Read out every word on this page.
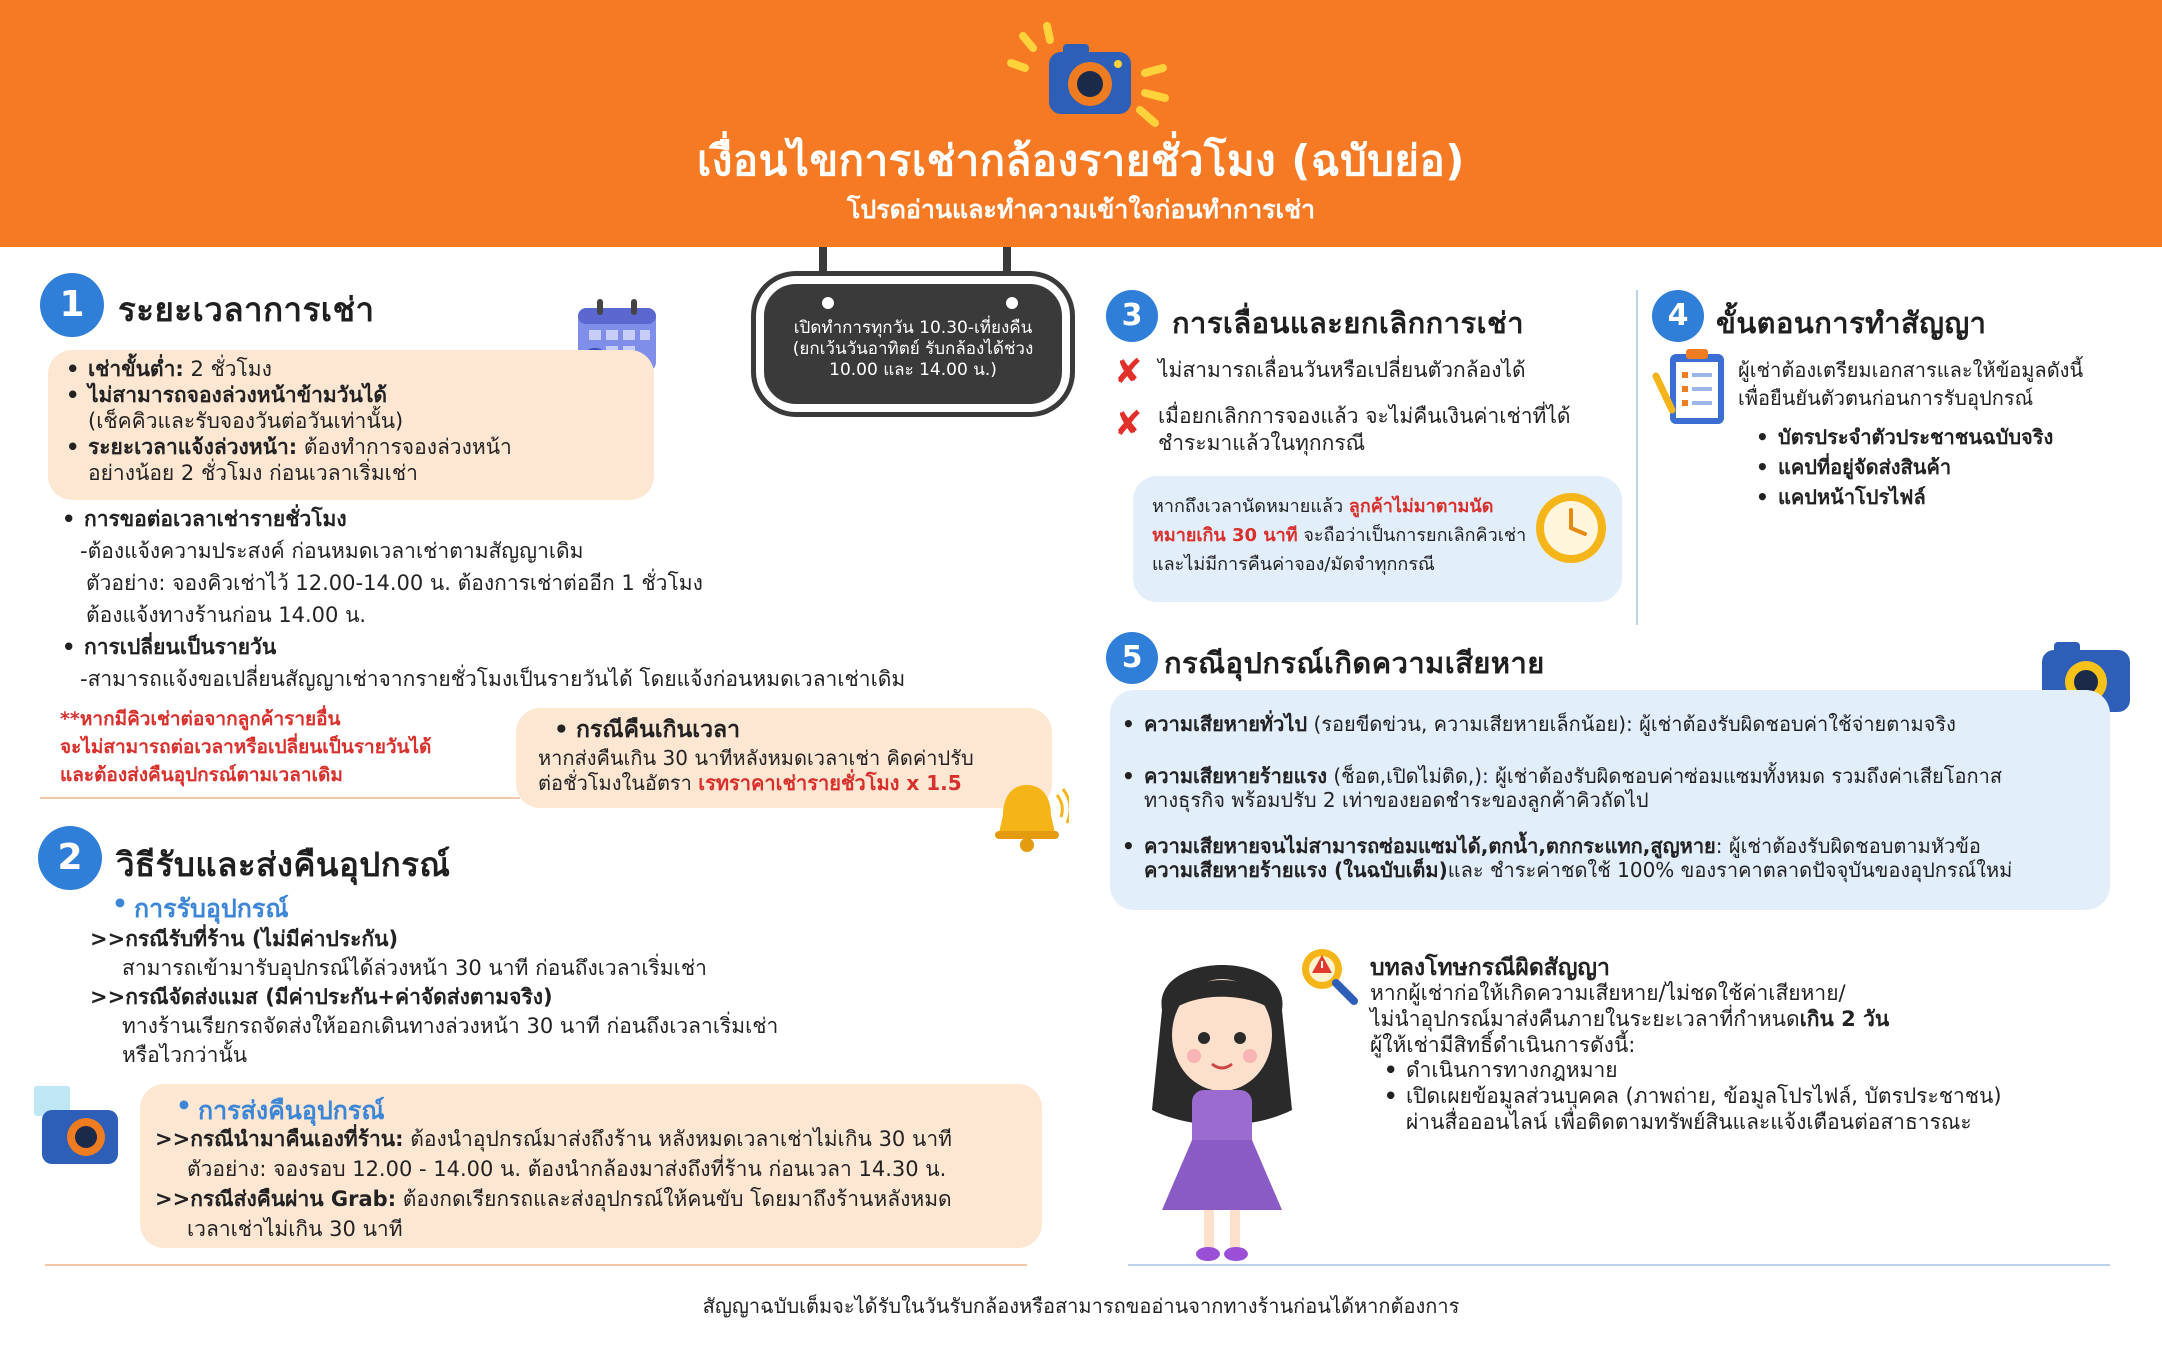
เงื่อนไขการเช่ากล้องรายชั่วโมง (ฉบับย่อ)
โปรดอ่านและทำความเข้าใจก่อนทำการเช่า
เปิดทำการทุกวัน 10.30-เที่ยงคืน
(ยกเว้นวันอาทิตย์ รับกล้องได้ช่วง
10.00 และ 14.00 น.)
1	ระยะเวลาการเช่า
• เช่าขั้นต่ำ: 2 ชั่วโมง
• ไม่สามารถจองล่วงหน้าข้ามวันได้
(เช็คคิวและรับจองวันต่อวันเท่านั้น)
• ระยะเวลาแจ้งล่วงหน้า: ต้องทำการจองล่วงหน้า
อย่างน้อย 2 ชั่วโมง ก่อนเวลาเริ่มเช่า
• การขอต่อเวลาเช่ารายชั่วโมง
-ต้องแจ้งความประสงค์ ก่อนหมดเวลาเช่าตามสัญญาเดิม
ตัวอย่าง: จองคิวเช่าไว้ 12.00-14.00 น. ต้องการเช่าต่ออีก 1 ชั่วโมง
ต้องแจ้งทางร้านก่อน 14.00 น.
• การเปลี่ยนเป็นรายวัน
-สามารถแจ้งขอเปลี่ยนสัญญาเช่าจากรายชั่วโมงเป็นรายวันได้ โดยแจ้งก่อนหมดเวลาเช่าเดิม
**หากมีคิวเช่าต่อจากลูกค้ารายอื่น
จะไม่สามารถต่อเวลาหรือเปลี่ยนเป็นรายวันได้
และต้องส่งคืนอุปกรณ์ตามเวลาเดิม
• กรณีคืนเกินเวลา
หากส่งคืนเกิน 30 นาทีหลังหมดเวลาเช่า คิดค่าปรับ
ต่อชั่วโมงในอัตรา เรทราคาเช่ารายชั่วโมง x 1.5
2	วิธีรับและส่งคืนอุปกรณ์
• การรับอุปกรณ์
>>กรณีรับที่ร้าน (ไม่มีค่าประกัน)
สามารถเข้ามารับอุปกรณ์ได้ล่วงหน้า 30 นาที ก่อนถึงเวลาเริ่มเช่า
>>กรณีจัดส่งแมส (มีค่าประกัน+ค่าจัดส่งตามจริง)
ทางร้านเรียกรถจัดส่งให้ออกเดินทางล่วงหน้า 30 นาที ก่อนถึงเวลาเริ่มเช่า
หรือไวกว่านั้น
• การส่งคืนอุปกรณ์
>>กรณีนำมาคืนเองที่ร้าน: ต้องนำอุปกรณ์มาส่งถึงร้าน หลังหมดเวลาเช่าไม่เกิน 30 นาที
ตัวอย่าง: จองรอบ 12.00 - 14.00 น. ต้องนำกล้องมาส่งถึงที่ร้าน ก่อนเวลา 14.30 น.
>>กรณีส่งคืนผ่าน Grab: ต้องกดเรียกรถและส่งอุปกรณ์ให้คนขับ โดยมาถึงร้านหลังหมด
เวลาเช่าไม่เกิน 30 นาที
3	การเลื่อนและยกเลิกการเช่า
✘ ไม่สามารถเลื่อนวันหรือเปลี่ยนตัวกล้องได้
✘ เมื่อยกเลิกการจองแล้ว จะไม่คืนเงินค่าเช่าที่ได้
ชำระมาแล้วในทุกกรณี
หากถึงเวลานัดหมายแล้ว ลูกค้าไม่มาตามนัด
หมายเกิน 30 นาที จะถือว่าเป็นการยกเลิกคิวเช่า
และไม่มีการคืนค่าจอง/มัดจำทุกกรณี
4 ขั้นตอนการทำสัญญา
ผู้เช่าต้องเตรียมเอกสารและให้ข้อมูลดังนี้
เพื่อยืนยันตัวตนก่อนการรับอุปกรณ์
• บัตรประจำตัวประชาชนฉบับจริง
• แคปที่อยู่จัดส่งสินค้า
• แคปหน้าโปรไฟล์
5 กรณีอุปกรณ์เกิดความเสียหาย
• ความเสียหายทั่วไป (รอยขีดข่วน, ความเสียหายเล็กน้อย): ผู้เช่าต้องรับผิดชอบค่าใช้จ่ายตามจริง
• ความเสียหายร้ายแรง (ช็อต,เปิดไม่ติด,): ผู้เช่าต้องรับผิดชอบค่าซ่อมแซมทั้งหมด รวมถึงค่าเสียโอกาส
ทางธุรกิจ พร้อมปรับ 2 เท่าของยอดชำระของลูกค้าคิวถัดไป
• ความเสียหายจนไม่สามารถซ่อมแซมได้,ตกน้ำ,ตกกระแทก,สูญหาย: ผู้เช่าต้องรับผิดชอบตามหัวข้อ
ความเสียหายร้ายแรง (ในฉบับเต็ม)และ ชำระค่าชดใช้ 100% ของราคาตลาดปัจจุบันของอุปกรณ์ใหม่
บทลงโทษกรณีผิดสัญญา
หากผู้เช่าก่อให้เกิดความเสียหาย/ไม่ชดใช้ค่าเสียหาย/
ไม่นำอุปกรณ์มาส่งคืนภายในระยะเวลาที่กำหนดเกิน 2 วัน
ผู้ให้เช่ามีสิทธิ์ดำเนินการดังนี้:
• ดำเนินการทางกฎหมาย
• เปิดเผยข้อมูลส่วนบุคคล (ภาพถ่าย, ข้อมูลโปรไฟล์, บัตรประชาชน)
ผ่านสื่อออนไลน์ เพื่อติดตามทรัพย์สินและแจ้งเตือนต่อสาธารณะ
สัญญาฉบับเต็มจะได้รับในวันรับกล้องหรือสามารถขออ่านจากทางร้านก่อนได้หากต้องการ
